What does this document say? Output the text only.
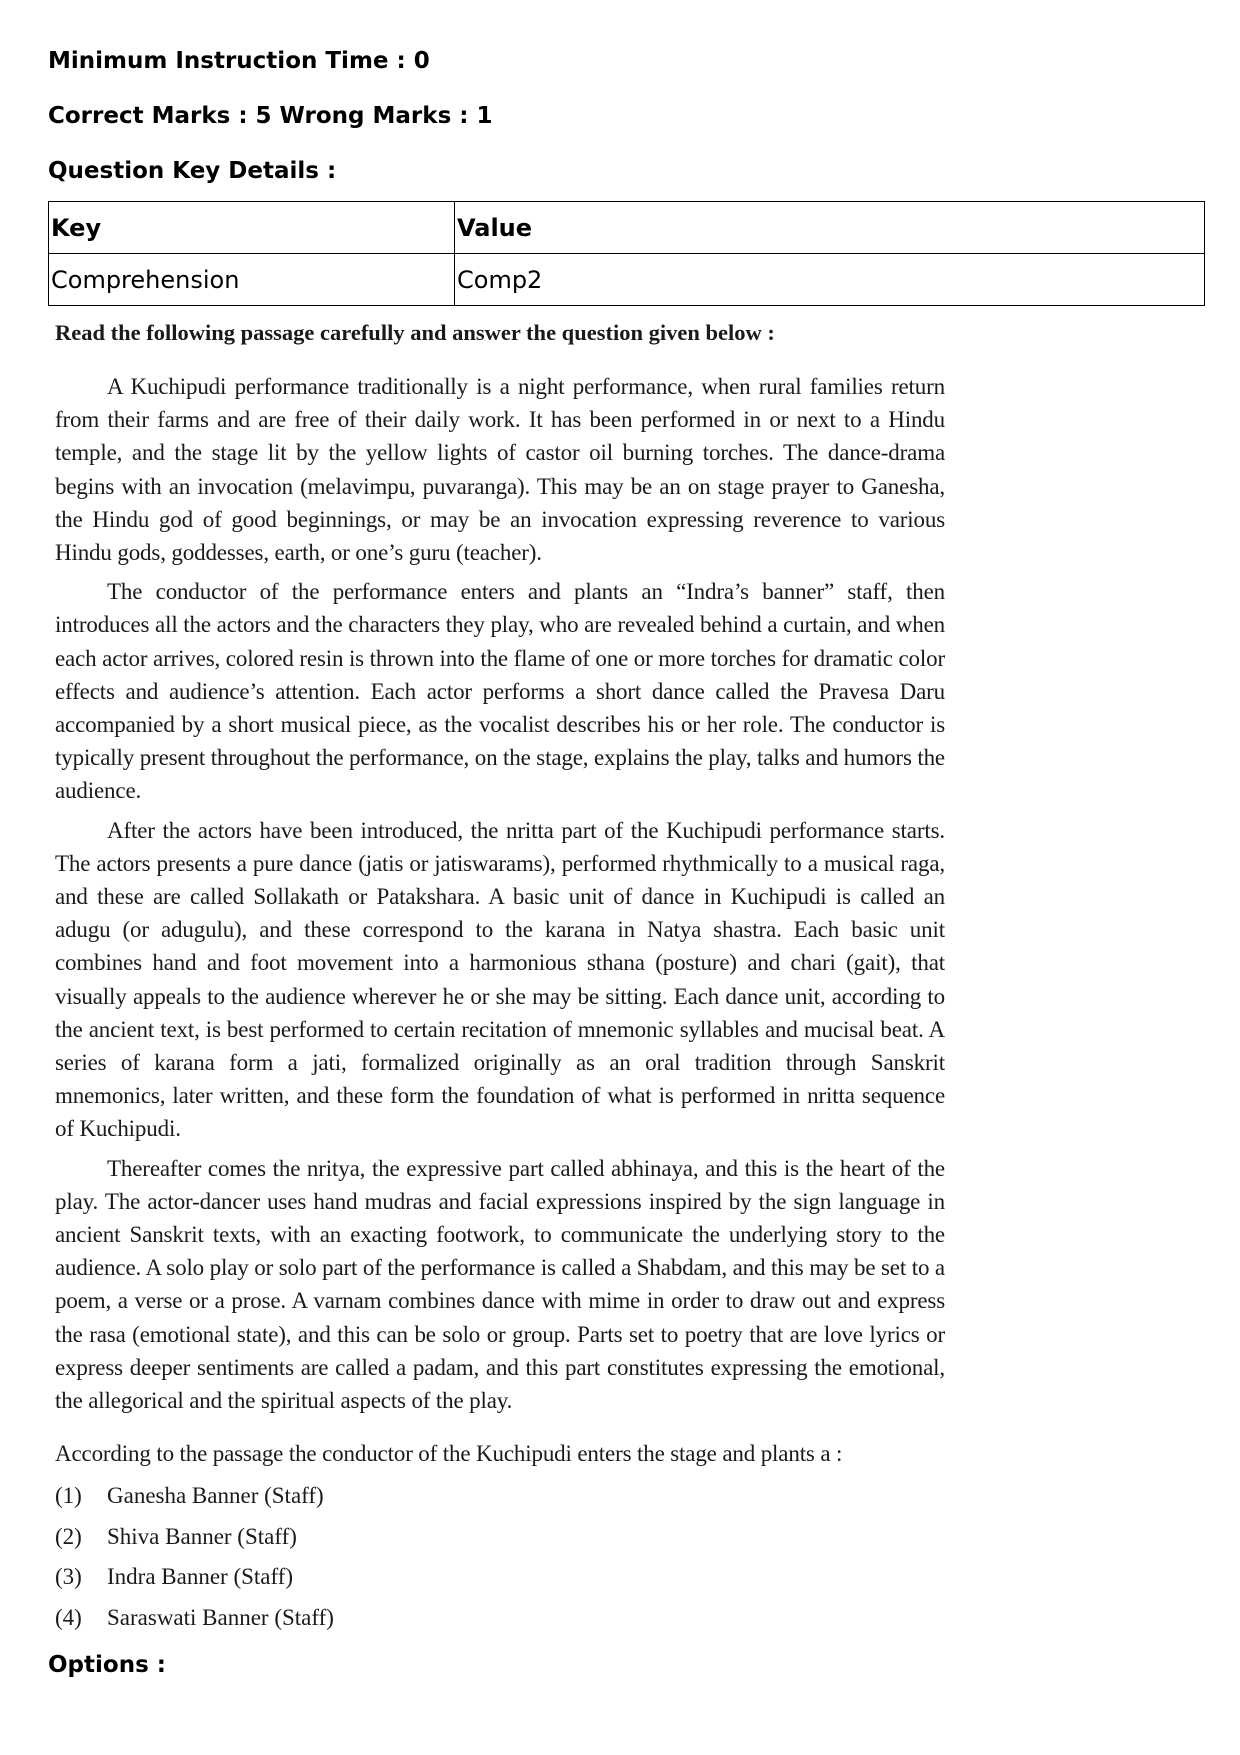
Minimum Instruction Time : 0
Correct Marks : 5 Wrong Marks : 1
Question Key Details :
Key	Value
Comprehension	Comp2
Read the following passage carefully and answer the question given below :

A Kuchipudi performance traditionally is a night performance, when rural families return from their farms and are free of their daily work. It has been performed in or next to a Hindu temple, and the stage lit by the yellow lights of castor oil burning torches. The dance-drama begins with an invocation (melavimpu, puvaranga). This may be an on stage prayer to Ganesha, the Hindu god of good beginnings, or may be an invocation expressing reverence to various Hindu gods, goddesses, earth, or one’s guru (teacher).

The conductor of the performance enters and plants an “Indra’s banner” staff, then introduces all the actors and the characters they play, who are revealed behind a curtain, and when each actor arrives, colored resin is thrown into the flame of one or more torches for dramatic color effects and audience’s attention. Each actor performs a short dance called the Pravesa Daru accompanied by a short musical piece, as the vocalist describes his or her role. The conductor is typically present throughout the performance, on the stage, explains the play, talks and humors the audience.

After the actors have been introduced, the nritta part of the Kuchipudi performance starts. The actors presents a pure dance (jatis or jatiswarams), performed rhythmically to a musical raga, and these are called Sollakath or Patakshara. A basic unit of dance in Kuchipudi is called an adugu (or adugulu), and these correspond to the karana in Natya shastra. Each basic unit combines hand and foot movement into a harmonious sthana (posture) and chari (gait), that visually appeals to the audience wherever he or she may be sitting. Each dance unit, according to the ancient text, is best performed to certain recitation of mnemonic syllables and mucisal beat. A series of karana form a jati, formalized originally as an oral tradition through Sanskrit mnemonics, later written, and these form the foundation of what is performed in nritta sequence of Kuchipudi.

Thereafter comes the nritya, the expressive part called abhinaya, and this is the heart of the play. The actor-dancer uses hand mudras and facial expressions inspired by the sign language in ancient Sanskrit texts, with an exacting footwork, to communicate the underlying story to the audience. A solo play or solo part of the performance is called a Shabdam, and this may be set to a poem, a verse or a prose. A varnam combines dance with mime in order to draw out and express the rasa (emotional state), and this can be solo or group. Parts set to poetry that are love lyrics or express deeper sentiments are called a padam, and this part constitutes expressing the emotional, the allegorical and the spiritual aspects of the play.

According to the passage the conductor of the Kuchipudi enters the stage and plants a :
(1)	Ganesha Banner (Staff)
(2)	Shiva Banner (Staff)
(3)	Indra Banner (Staff)
(4)	Saraswati Banner (Staff)
Options :
